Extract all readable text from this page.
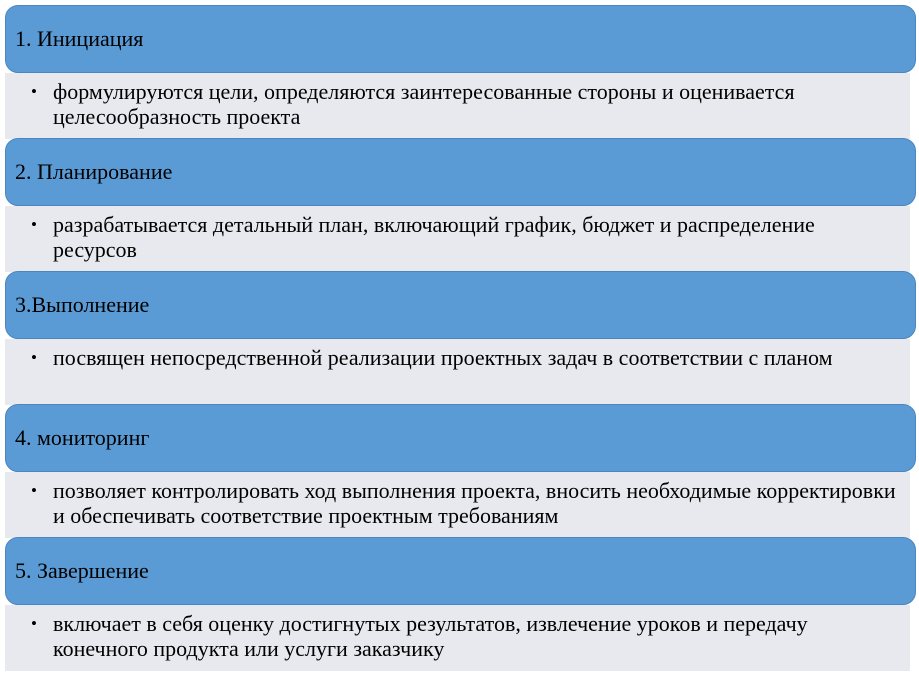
1. Инициация
• формулируются цели, определяются заинтересованные стороны и оценивается целесообразность проекта
2. Планирование
• разрабатывается детальный план, включающий график, бюджет и распределение ресурсов
3.Выполнение
• посвящен непосредственной реализации проектных задач в соответствии с планом
4. мониторинг
• позволяет контролировать ход выполнения проекта, вносить необходимые корректировки и обеспечивать соответствие проектным требованиям
5. Завершение
• включает в себя оценку достигнутых результатов, извлечение уроков и передачу конечного продукта или услуги заказчику
